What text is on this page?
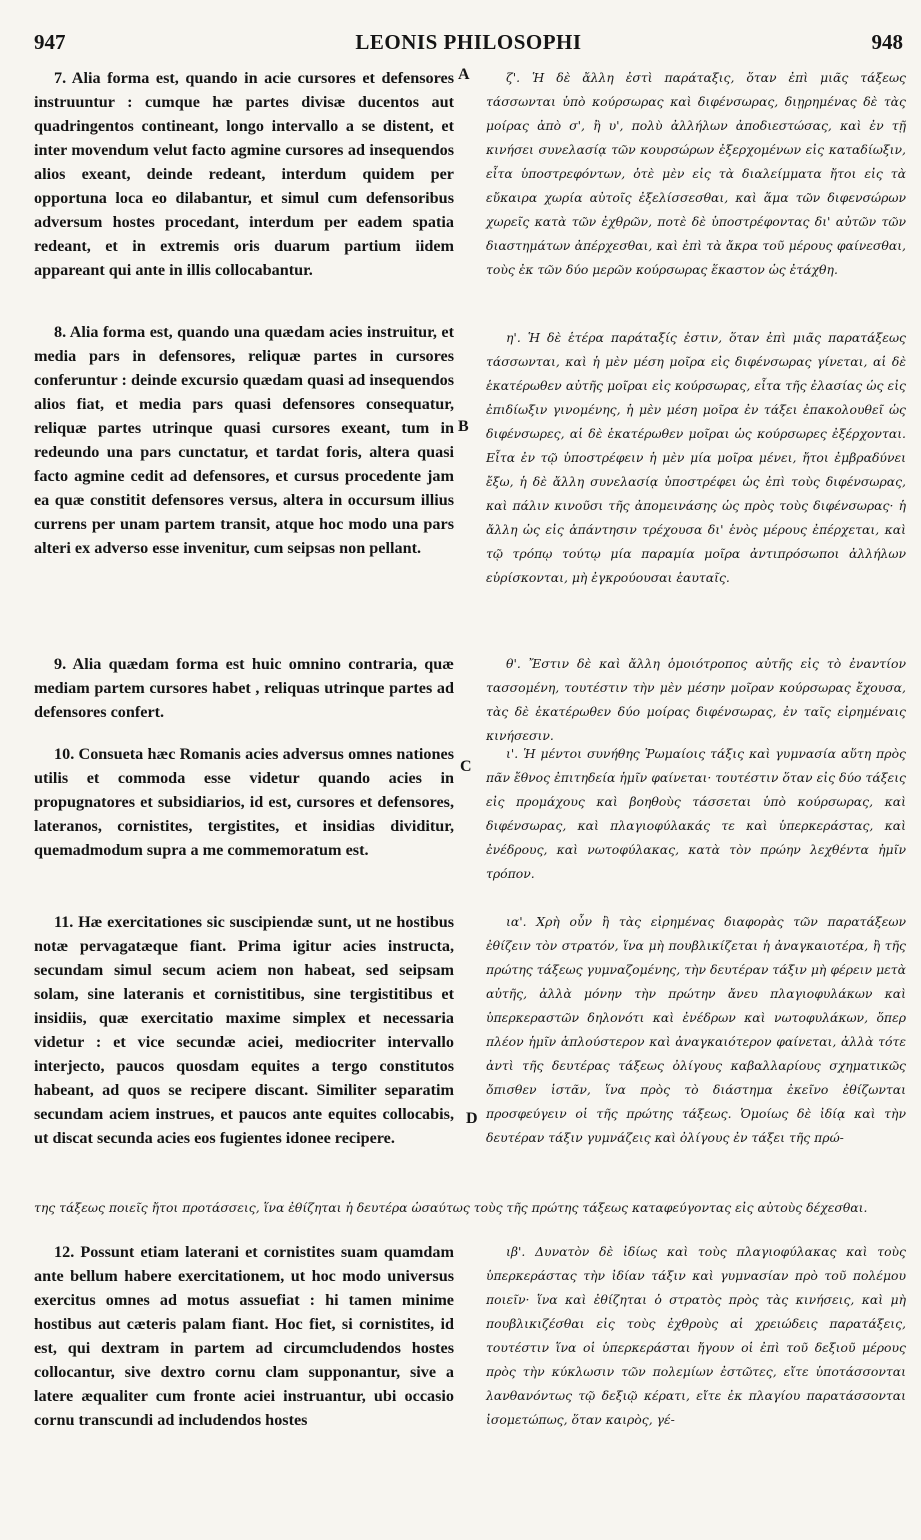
947	LEONIS PHILOSOPHI	948
A
B
C
D

7. Alia forma est, quando in acie cursores et defensores instruuntur : cumque hæ partes divisæ ducentos aut quadringentos contineant, longo intervallo a se distent, et inter movendum velut facto agmine cursores ad insequendos alios exeant, deinde redeant, interdum quidem per opportuna loca eo dilabantur, et simul cum defensoribus adversum hostes procedant, interdum per eadem spatia redeant, et in extremis oris duarum partium iidem appareant qui ante in illis collocabantur.

8. Alia forma est, quando una quædam acies instruitur, et media pars in defensores, reliquæ partes in cursores conferuntur : deinde excursio quædam quasi ad insequendos alios fiat, et media pars quasi defensores consequatur, reliquæ partes utrinque quasi cursores exeant, tum in redeundo una pars cunctatur, et tardat foris, altera quasi facto agmine cedit ad defensores, et cursus procedente jam ea quæ constitit defensores versus, altera in occursum illius currens per unam partem transit, atque hoc modo una pars alteri ex adverso esse invenitur, cum seipsas non pellant.

9. Alia quædam forma est huic omnino contraria, quæ mediam partem cursores habet , reliquas utrinque partes ad defensores confert.

10. Consueta hæc Romanis acies adversus omnes nationes utilis et commoda esse videtur quando acies in propugnatores et subsidiarios, id est, cursores et defensores, lateranos, cornistites, tergistites, et insidias dividitur, quemadmodum supra a me commemoratum est.

11. Hæ exercitationes sic suscipiendæ sunt, ut ne hostibus notæ pervagatæque fiant. Prima igitur acies instructa, secundam simul secum aciem non habeat, sed seipsam solam, sine lateranis et cornistitibus, sine tergistitibus et insidiis, quæ exercitatio maxime simplex et necessaria videtur : et vice secundæ aciei, mediocriter intervallo interjecto, paucos quosdam equites a tergo constitutos habeant, ad quos se recipere discant. Similiter separatim secundam aciem instrues, et paucos ante equites collocabis, ut discat secunda acies eos fugientes idonee recipere.

12. Possunt etiam laterani et cornistites suam quamdam ante bellum habere exercitationem, ut hoc modo universus exercitus omnes ad motus assuefiat : hi tamen minime hostibus aut cæteris palam fiant. Hoc fiet, si cornistites, id est, qui dextram in partem ad circumcludendos hostes collocantur, sive dextro cornu clam supponantur, sive a latere æqualiter cum fronte aciei instruantur, ubi occasio cornu transcundi ad includendos hostes

ζ'. Ἡ δὲ ἄλλη ἐστὶ παράταξις, ὅταν ἐπὶ μιᾶς τάξεως τάσσωνται ὑπὸ κούρσωρας καὶ διφένσωρας, διῃρημένας δὲ τὰς μοίρας ἀπὸ σ', ἢ υ', πολὺ ἀλλήλων ἀποδιεστώσας, καὶ ἐν τῇ κινήσει συνελασίᾳ τῶν κουρσώρων ἐξερχομένων εἰς καταδίωξιν, εἶτα ὑποστρεφόντων, ὁτὲ μὲν εἰς τὰ διαλείμματα ἤτοι εἰς τὰ εὔκαιρα χωρία αὐτοῖς ἐξελίσσεσθαι, καὶ ἅμα τῶν διφενσώρων χωρεῖς κατὰ τῶν ἐχθρῶν, ποτὲ δὲ ὑποστρέφοντας δι' αὐτῶν τῶν διαστημάτων ἀπέρχεσθαι, καὶ ἐπὶ τὰ ἄκρα τοῦ μέρους φαίνεσθαι, τοὺς ἐκ τῶν δύο μερῶν κούρσωρας ἕκαστον ὡς ἐτάχθη.

η'. Ἡ δὲ ἑτέρα παράταξίς ἐστιν, ὅταν ἐπὶ μιᾶς παρατάξεως τάσσωνται, καὶ ἡ μὲν μέση μοῖρα εἰς διφένσωρας γίνεται, αἱ δὲ ἑκατέρωθεν αὐτῆς μοῖραι εἰς κούρσωρας, εἶτα τῆς ἐλασίας ὡς εἰς ἐπιδίωξιν γινομένης, ἡ μὲν μέση μοῖρα ἐν τάξει ἐπακολουθεῖ ὡς διφένσωρες, αἱ δὲ ἑκατέρωθεν μοῖραι ὡς κούρσωρες ἐξέρχονται. Εἶτα ἐν τῷ ὑποστρέφειν ἡ μὲν μία μοῖρα μένει, ἤτοι ἐμβραδύνει ἔξω, ἡ δὲ ἄλλη συνελασίᾳ ὑποστρέφει ὡς ἐπὶ τοὺς διφένσωρας, καὶ πάλιν κινοῦσι τῆς ἀπομεινάσης ὡς πρὸς τοὺς διφένσωρας· ἡ ἄλλη ὡς εἰς ἀπάντησιν τρέχουσα δι' ἑνὸς μέρους ἐπέρχεται, καὶ τῷ τρόπῳ τούτῳ μία παραμία μοῖρα ἀντιπρόσωποι ἀλλήλων εὑρίσκονται, μὴ ἐγκρούουσαι ἑαυταῖς.

θ'. Ἔστιν δὲ καὶ ἄλλη ὁμοιότροπος αὐτῆς εἰς τὸ ἐναντίον τασσομένη, τουτέστιν τὴν μὲν μέσην μοῖραν κούρσωρας ἔχουσα, τὰς δὲ ἑκατέρωθεν δύο μοίρας διφένσωρας, ἐν ταῖς εἰρημέναις κινήσεσιν.

ι'. Ἡ μέντοι συνήθης Ῥωμαίοις τάξις καὶ γυμνασία αὕτη πρὸς πᾶν ἔθνος ἐπιτηδεία ἡμῖν φαίνεται· τουτέστιν ὅταν εἰς δύο τάξεις εἰς προμάχους καὶ βοηθοὺς τάσσεται ὑπὸ κούρσωρας, καὶ διφένσωρας, καὶ πλαγιοφύλακάς τε καὶ ὑπερκεράστας, καὶ ἐνέδρους, καὶ νωτοφύλακας, κατὰ τὸν πρώην λεχθέντα ἡμῖν τρόπον.

ια'. Χρὴ οὖν ἢ τὰς εἰρημένας διαφορὰς τῶν παρατάξεων ἐθίζειν τὸν στρατόν, ἵνα μὴ πουβλικίζεται ἡ ἀναγκαιοτέρα, ἢ τῆς πρώτης τάξεως γυμναζομένης, τὴν δευτέραν τάξιν μὴ φέρειν μετὰ αὐτῆς, ἀλλὰ μόνην τὴν πρώτην ἄνευ πλαγιοφυλάκων καὶ ὑπερκεραστῶν δηλονότι καὶ ἐνέδρων καὶ νωτοφυλάκων, ὅπερ πλέον ἡμῖν ἁπλούστερον καὶ ἀναγκαιότερον φαίνεται, ἀλλὰ τότε ἀντὶ τῆς δευτέρας τάξεως ὀλίγους καβαλλαρίους σχηματικῶς ὄπισθεν ἱστᾶν, ἵνα πρὸς τὸ διάστημα ἐκεῖνο ἐθίζωνται προσφεύγειν οἱ τῆς πρώτης τάξεως. Ὁμοίως δὲ ἰδίᾳ καὶ τὴν δευτέραν τάξιν γυμνάζεις καὶ ὀλίγους ἐν τάξει τῆς πρώ-

της τάξεως ποιεῖς ἤτοι προτάσσεις, ἵνα ἐθίζηται ἡ δευτέρα ὡσαύτως τοὺς τῆς πρώτης τάξεως καταφεύγοντας εἰς αὐτοὺς δέχεσθαι.

ιβ'. Δυνατὸν δὲ ἰδίως καὶ τοὺς πλαγιοφύλακας καὶ τοὺς ὑπερκεράστας τὴν ἰδίαν τάξιν καὶ γυμνασίαν πρὸ τοῦ πολέμου ποιεῖν· ἵνα καὶ ἐθίζηται ὁ στρατὸς πρὸς τὰς κινήσεις, καὶ μὴ πουβλικιζέσθαι εἰς τοὺς ἐχθροὺς αἱ χρειώδεις παρατάξεις, τουτέστιν ἵνα οἱ ὑπερκεράσται ἤγουν οἱ ἐπὶ τοῦ δεξιοῦ μέρους πρὸς τὴν κύκλωσιν τῶν πολεμίων ἐστῶτες, εἴτε ὑποτάσσονται λανθανόντως τῷ δεξιῷ κέρατι, εἴτε ἐκ πλαγίου παρατάσσονται ἰσομετώπως, ὅταν καιρὸς, γέ-
